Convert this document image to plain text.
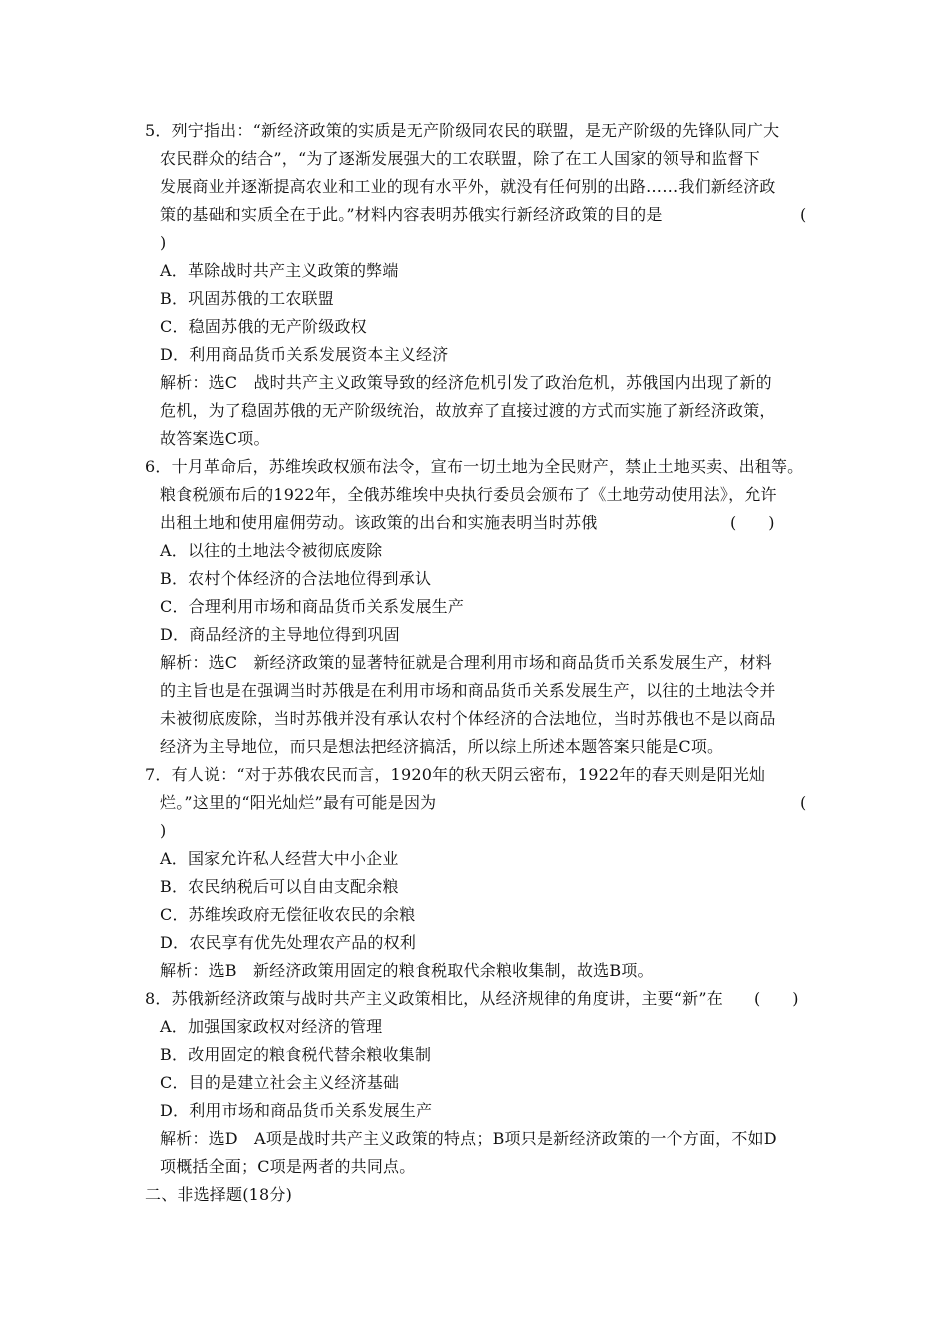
5．列宁指出：“新经济政策的实质是无产阶级同农民的联盟，是无产阶级的先锋队同广大
农民群众的结合”，“为了逐渐发展强大的工农联盟，除了在工人国家的领导和监督下
发展商业并逐渐提高农业和工业的现有水平外，就没有任何别的出路……我们新经济政
策的基础和实质全在于此。”材料内容表明苏俄实行新经济政策的目的是	(
)
A．革除战时共产主义政策的弊端
B．巩固苏俄的工农联盟
C．稳固苏俄的无产阶级政权
D．利用商品货币关系发展资本主义经济
解析：选C　战时共产主义政策导致的经济危机引发了政治危机，苏俄国内出现了新的
危机，为了稳固苏俄的无产阶级统治，故放弃了直接过渡的方式而实施了新经济政策，
故答案选C项。
6．十月革命后，苏维埃政权颁布法令，宣布一切土地为全民财产，禁止土地买卖、出租等。
粮食税颁布后的1922年，全俄苏维埃中央执行委员会颁布了《土地劳动使用法》，允许
出租土地和使用雇佣劳动。该政策的出台和实施表明当时苏俄	(　　)
A．以往的土地法令被彻底废除
B．农村个体经济的合法地位得到承认
C．合理利用市场和商品货币关系发展生产
D．商品经济的主导地位得到巩固
解析：选C　新经济政策的显著特征就是合理利用市场和商品货币关系发展生产，材料
的主旨也是在强调当时苏俄是在利用市场和商品货币关系发展生产，以往的土地法令并
未被彻底废除，当时苏俄并没有承认农村个体经济的合法地位，当时苏俄也不是以商品
经济为主导地位，而只是想法把经济搞活，所以综上所述本题答案只能是C项。
7．有人说：“对于苏俄农民而言，1920年的秋天阴云密布，1922年的春天则是阳光灿
烂。”这里的“阳光灿烂”最有可能是因为	(
)
A．国家允许私人经营大中小企业
B．农民纳税后可以自由支配余粮
C．苏维埃政府无偿征收农民的余粮
D．农民享有优先处理农产品的权利
解析：选B　新经济政策用固定的粮食税取代余粮收集制，故选B项。
8．苏俄新经济政策与战时共产主义政策相比，从经济规律的角度讲，主要“新”在 (　　)
A．加强国家政权对经济的管理
B．改用固定的粮食税代替余粮收集制
C．目的是建立社会主义经济基础
D．利用市场和商品货币关系发展生产
解析：选D　A项是战时共产主义政策的特点；B项只是新经济政策的一个方面，不如D
项概括全面；C项是两者的共同点。
二、非选择题(18分)
